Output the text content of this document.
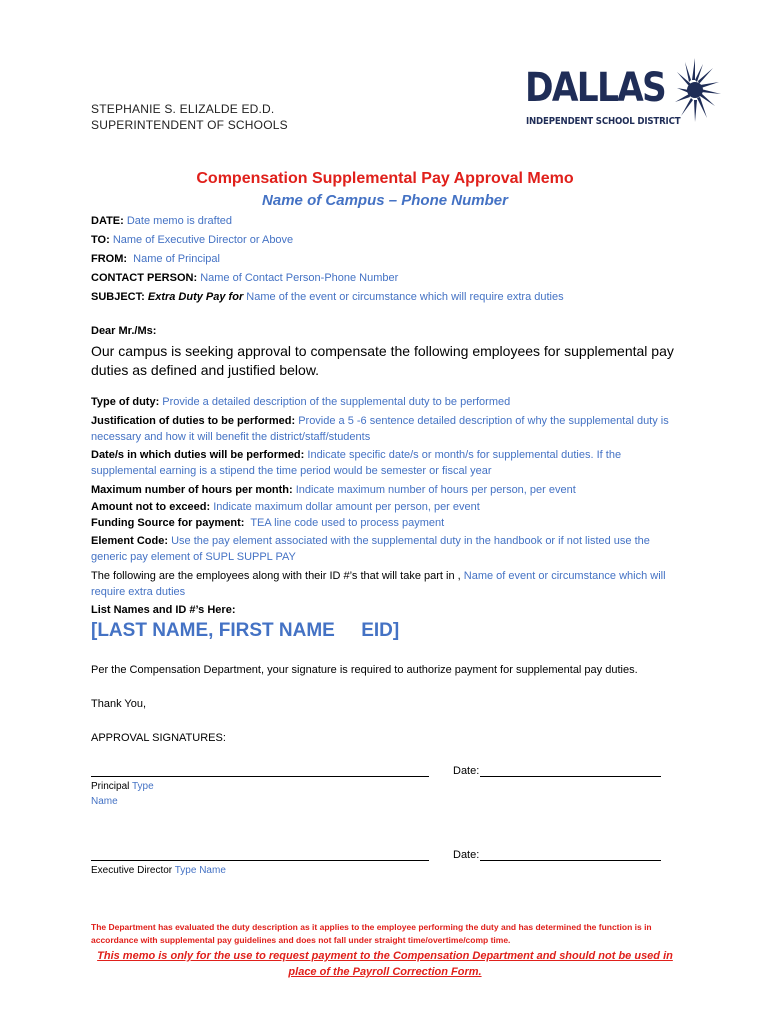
STEPHANIE S. ELIZALDE ED.D.
SUPERINTENDENT OF SCHOOLS
DALLAS
INDEPENDENT SCHOOL DISTRICT
Compensation Supplemental Pay Approval Memo
Name of Campus – Phone Number
DATE: Date memo is drafted
TO: Name of Executive Director or Above
FROM: Name of Principal
CONTACT PERSON: Name of Contact Person-Phone Number
SUBJECT: Extra Duty Pay for Name of the event or circumstance which will require extra duties
Dear Mr./Ms:
Our campus is seeking approval to compensate the following employees for supplemental pay duties as defined and justified below.
Type of duty: Provide a detailed description of the supplemental duty to be performed
Justification of duties to be performed: Provide a 5 -6 sentence detailed description of why the supplemental duty is necessary and how it will benefit the district/staff/students
Date/s in which duties will be performed: Indicate specific date/s or month/s for supplemental duties. If the supplemental earning is a stipend the time period would be semester or fiscal year
Maximum number of hours per month: Indicate maximum number of hours per person, per event
Amount not to exceed: Indicate maximum dollar amount per person, per event
Funding Source for payment: TEA line code used to process payment
Element Code: Use the pay element associated with the supplemental duty in the handbook or if not listed use the generic pay element of SUPL SUPPL PAY
The following are the employees along with their ID #’s that will take part in , Name of event or circumstance which will require extra duties
List Names and ID #’s Here:
[LAST NAME, FIRST NAME EID]
Per the Compensation Department, your signature is required to authorize payment for supplemental pay duties.
Thank You,
APPROVAL SIGNATURES:
Date:
Principal Type
Name
Date:
Executive Director Type Name
The Department has evaluated the duty description as it applies to the employee performing the duty and has determined the function is in accordance with supplemental pay guidelines and does not fall under straight time/overtime/comp time.
This memo is only for the use to request payment to the Compensation Department and should not be used in place of the Payroll Correction Form.
